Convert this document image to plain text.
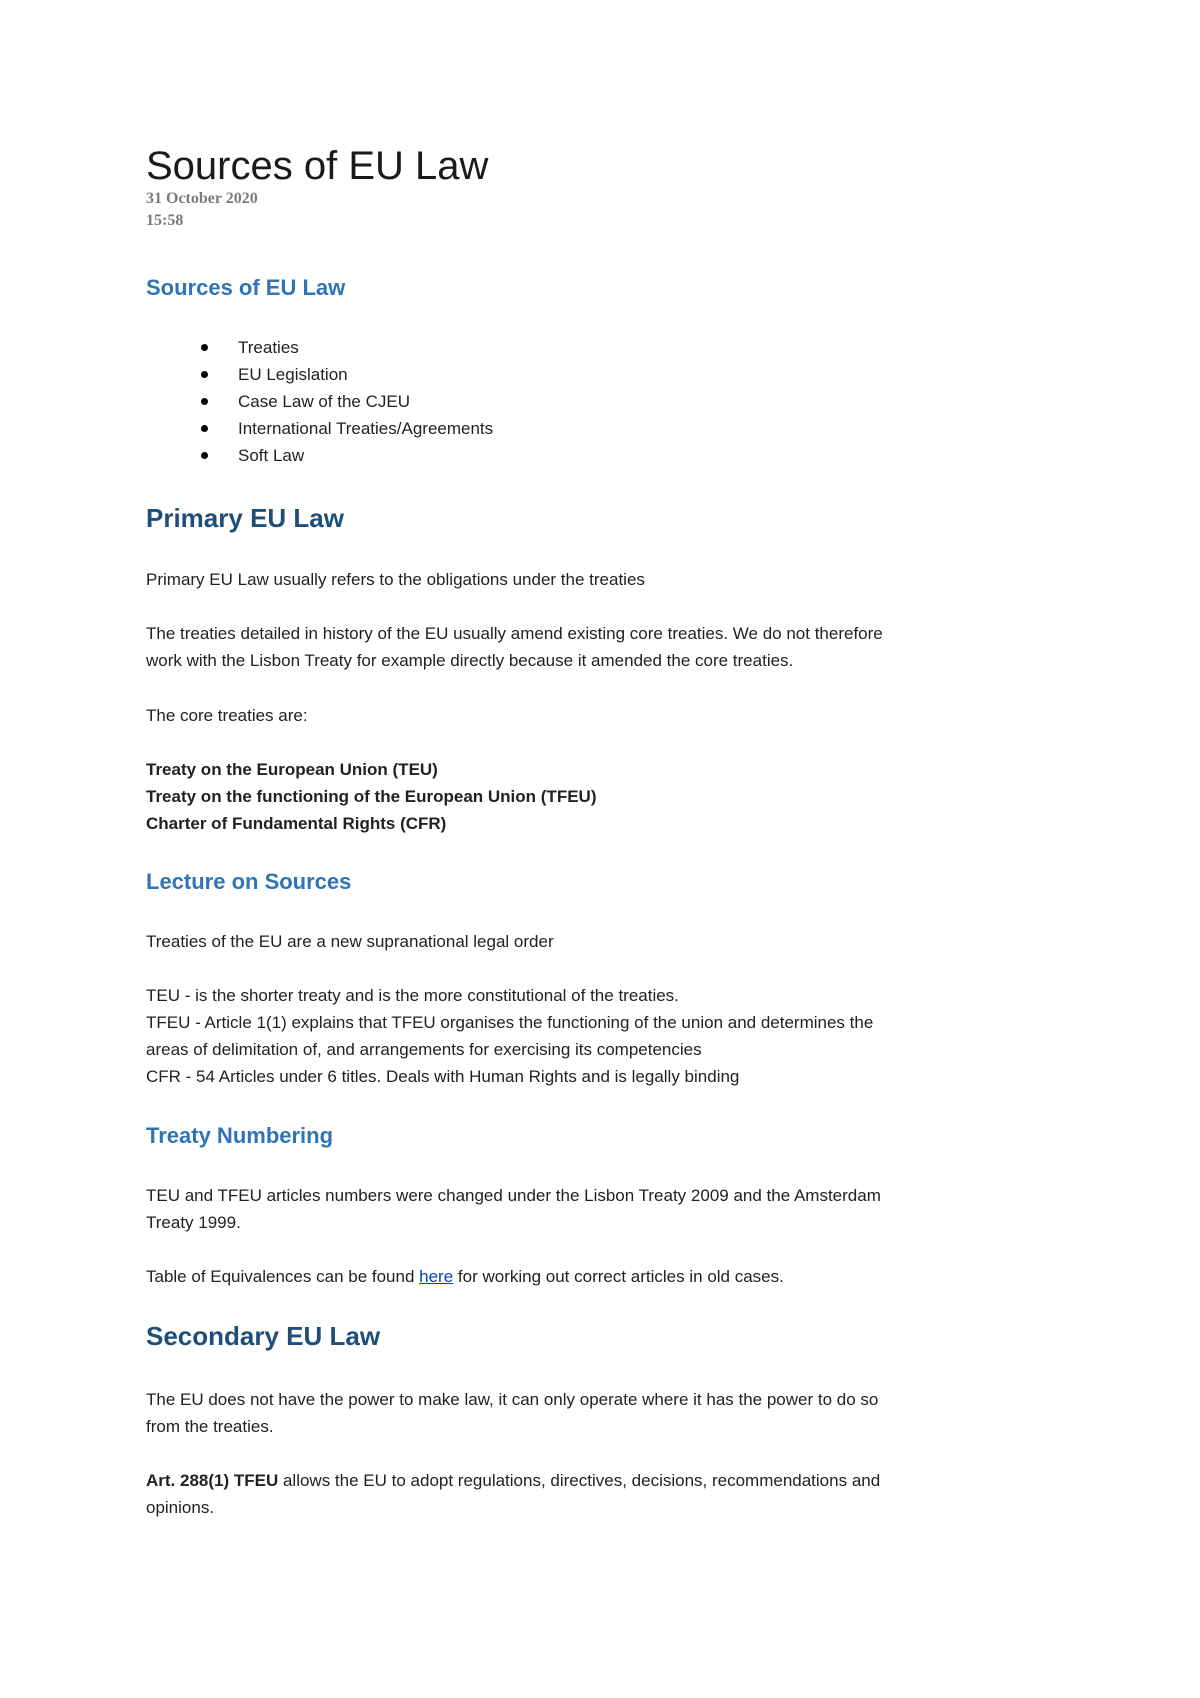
Sources of EU Law
31 October 2020
15:58
Sources of EU Law
Treaties
EU Legislation
Case Law of the CJEU
International Treaties/Agreements
Soft Law
Primary EU Law

Primary EU Law usually refers to the obligations under the treaties

The treaties detailed in history of the EU usually amend existing core treaties. We do not therefore

work with the Lisbon Treaty for example directly because it amended the core treaties.

The core treaties are:

Treaty on the European Union (TEU)

Treaty on the functioning of the European Union (TFEU)

Charter of Fundamental Rights (CFR)

Lecture on Sources

Treaties of the EU are a new supranational legal order

TEU - is the shorter treaty and is the more constitutional of the treaties.

TFEU - Article 1(1) explains that TFEU organises the functioning of the union and determines the

areas of delimitation of, and arrangements for exercising its competencies

CFR - 54 Articles under 6 titles. Deals with Human Rights and is legally binding

Treaty Numbering

TEU and TFEU articles numbers were changed under the Lisbon Treaty 2009 and the Amsterdam

Treaty 1999.

Table of Equivalences can be found here for working out correct articles in old cases.

Secondary EU Law

The EU does not have the power to make law, it can only operate where it has the power to do so

from the treaties.

Art. 288(1) TFEU allows the EU to adopt regulations, directives, decisions, recommendations and

opinions.
